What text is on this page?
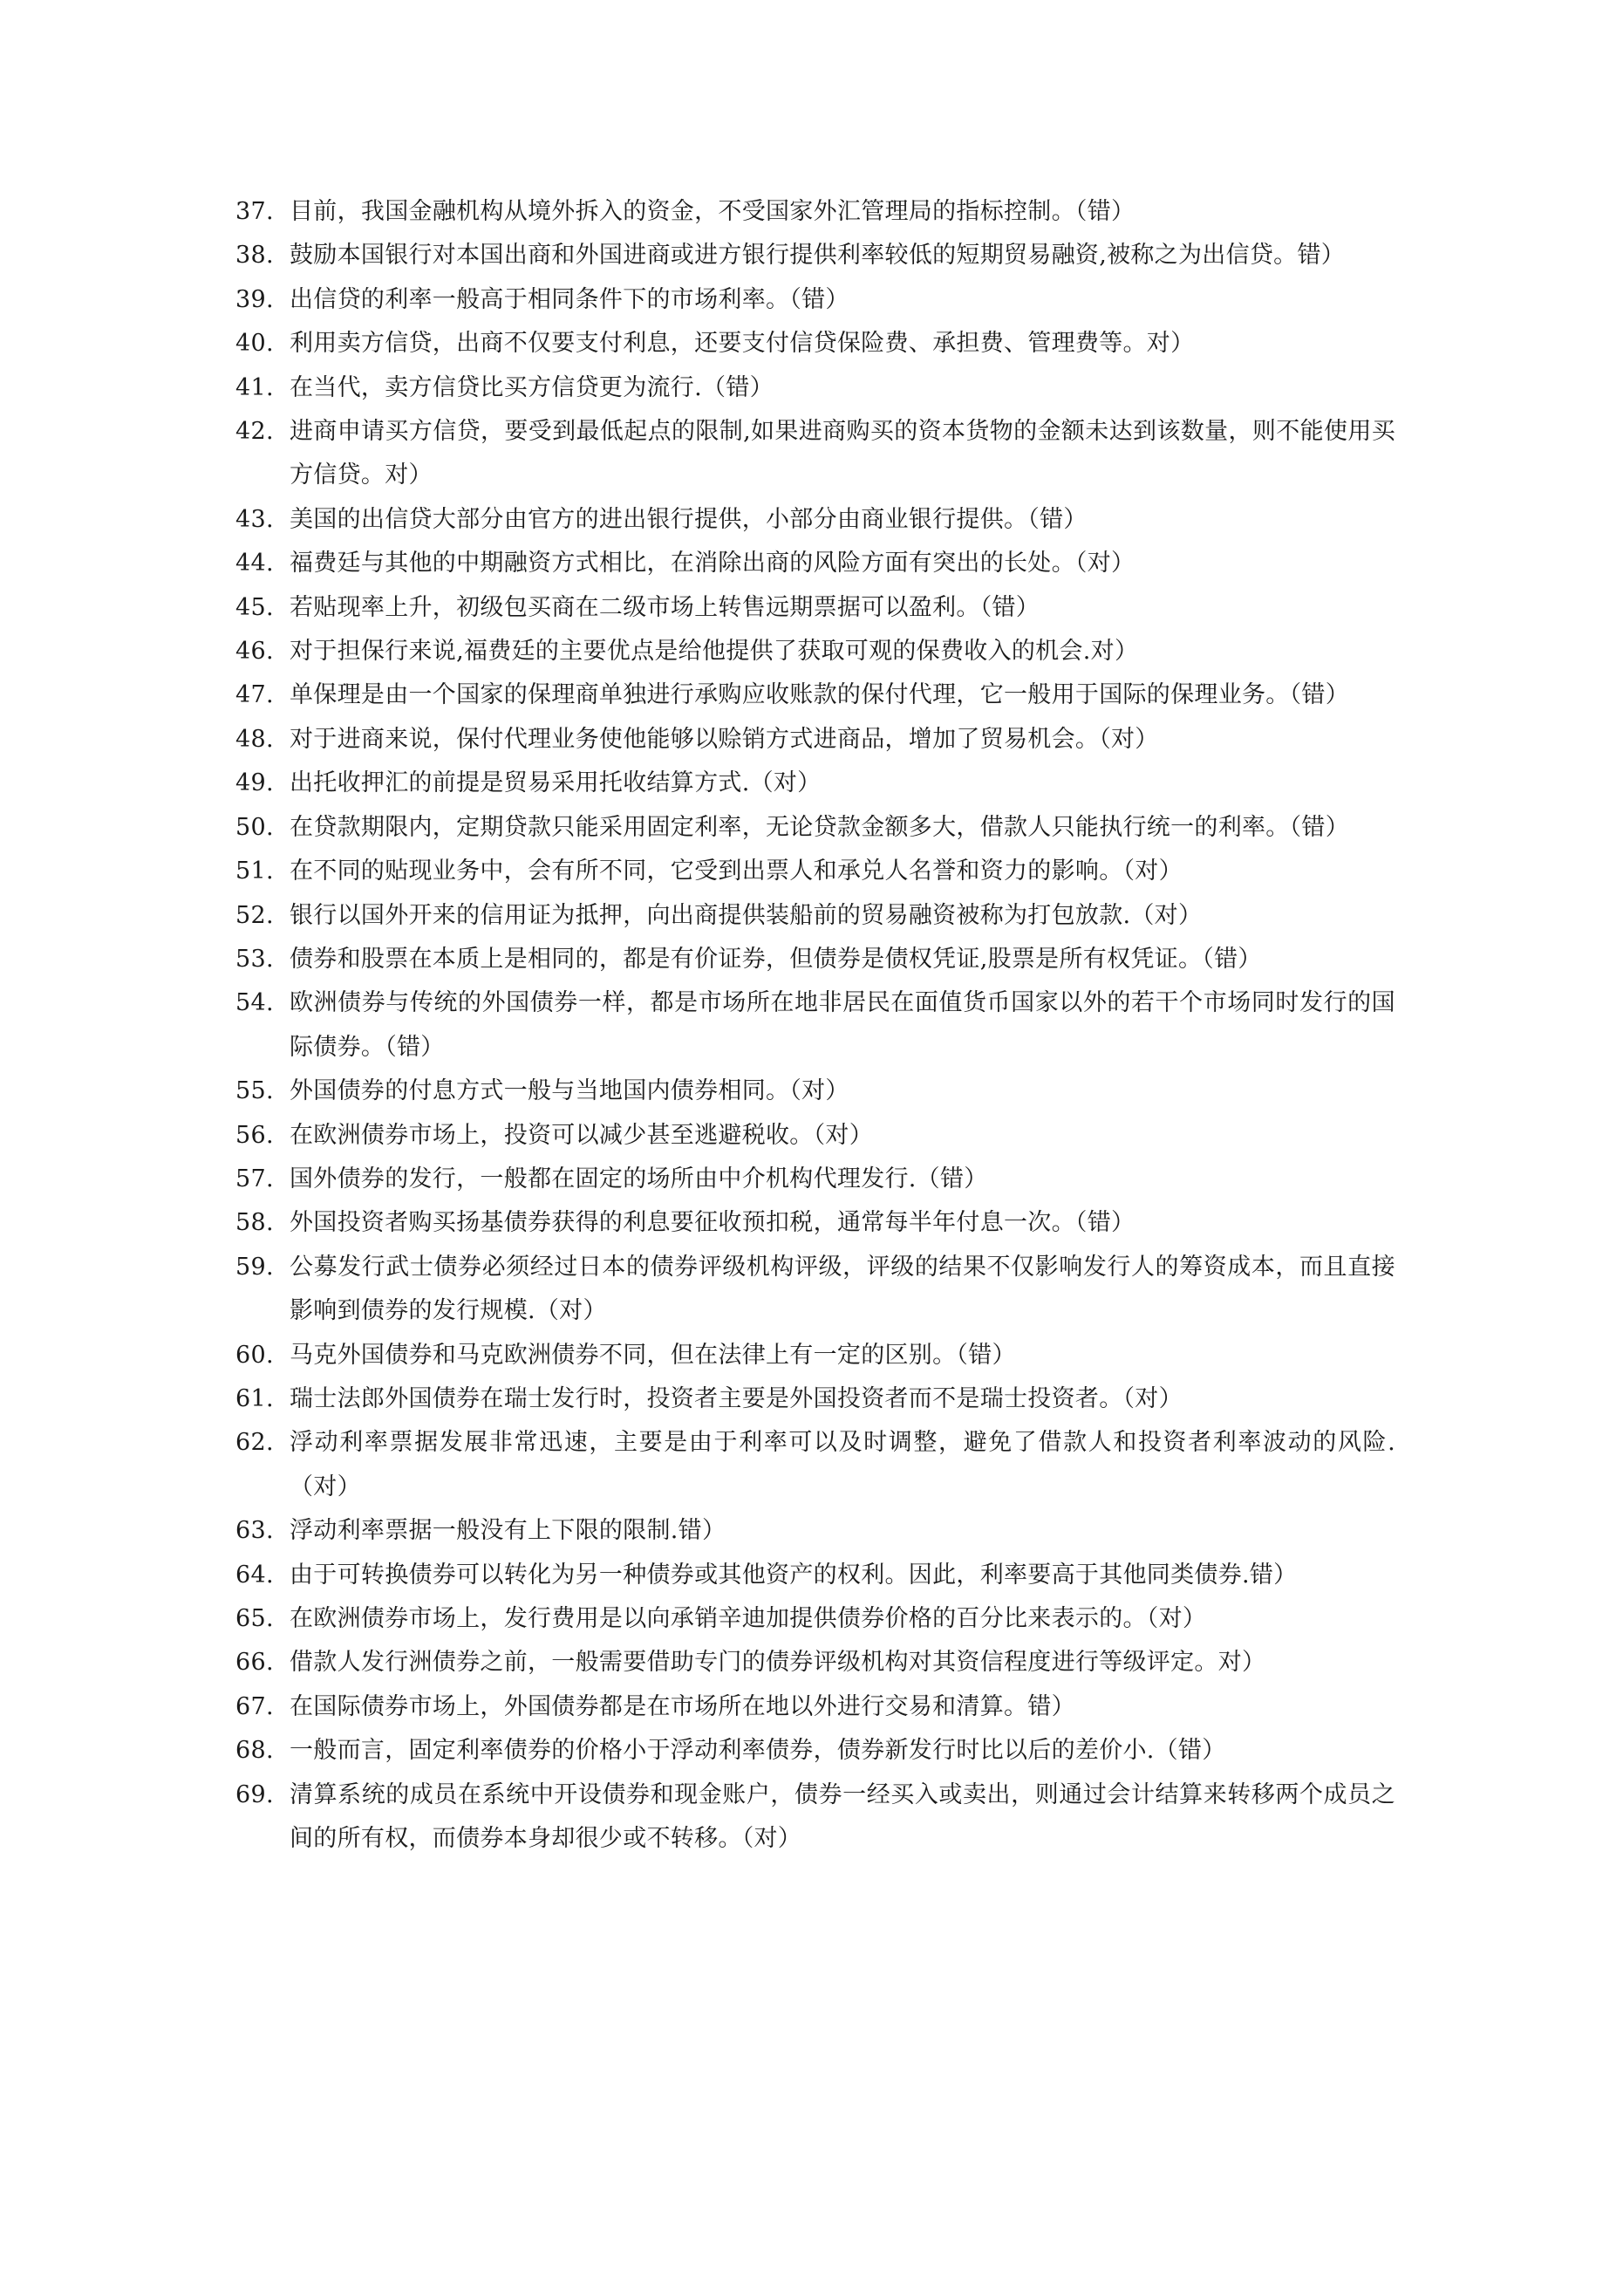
37. 目前，我国金融机构从境外拆入的资金，不受国家外汇管理局的指标控制。（错）
38. 鼓励本国银行对本国出商和外国进商或进方银行提供利率较低的短期贸易融资,被称之为出信贷。错）
39. 出信贷的利率一般高于相同条件下的市场利率。（错）
40. 利用卖方信贷，出商不仅要支付利息，还要支付信贷保险费、承担费、管理费等。对）
41. 在当代，卖方信贷比买方信贷更为流行.（错）
42. 进商申请买方信贷，要受到最低起点的限制,如果进商购买的资本货物的金额未达到该数量，则不能使用买方信贷。对）
43. 美国的出信贷大部分由官方的进出银行提供，小部分由商业银行提供。（错）
44. 福费廷与其他的中期融资方式相比，在消除出商的风险方面有突出的长处。（对）
45. 若贴现率上升，初级包买商在二级市场上转售远期票据可以盈利。（错）
46. 对于担保行来说,福费廷的主要优点是给他提供了获取可观的保费收入的机会.对）
47. 单保理是由一个国家的保理商单独进行承购应收账款的保付代理，它一般用于国际的保理业务。（错）
48. 对于进商来说，保付代理业务使他能够以赊销方式进商品，增加了贸易机会。（对）
49. 出托收押汇的前提是贸易采用托收结算方式.（对）
50. 在贷款期限内，定期贷款只能采用固定利率，无论贷款金额多大，借款人只能执行统一的利率。（错）
51. 在不同的贴现业务中，会有所不同，它受到出票人和承兑人名誉和资力的影响。（对）
52. 银行以国外开来的信用证为抵押，向出商提供装船前的贸易融资被称为打包放款.（对）
53. 债券和股票在本质上是相同的，都是有价证券，但债券是债权凭证,股票是所有权凭证。（错）
54. 欧洲债券与传统的外国债券一样，都是市场所在地非居民在面值货币国家以外的若干个市场同时发行的国际债券。（错）
55. 外国债券的付息方式一般与当地国内债券相同。（对）
56. 在欧洲债券市场上，投资可以减少甚至逃避税收。（对）
57. 国外债券的发行，一般都在固定的场所由中介机构代理发行.（错）
58. 外国投资者购买扬基债券获得的利息要征收预扣税，通常每半年付息一次。（错）
59. 公募发行武士债券必须经过日本的债券评级机构评级，评级的结果不仅影响发行人的筹资成本，而且直接影响到债券的发行规模.（对）
60. 马克外国债券和马克欧洲债券不同，但在法律上有一定的区别。（错）
61. 瑞士法郎外国债券在瑞士发行时，投资者主要是外国投资者而不是瑞士投资者。（对）
62. 浮动利率票据发展非常迅速，主要是由于利率可以及时调整，避免了借款人和投资者利率波动的风险.（对）
63. 浮动利率票据一般没有上下限的限制.错）
64. 由于可转换债券可以转化为另一种债券或其他资产的权利。因此，利率要高于其他同类债券.错）
65. 在欧洲债券市场上，发行费用是以向承销辛迪加提供债券价格的百分比来表示的。（对）
66. 借款人发行洲债券之前，一般需要借助专门的债券评级机构对其资信程度进行等级评定。对）
67. 在国际债券市场上，外国债券都是在市场所在地以外进行交易和清算。错）
68. 一般而言，固定利率债券的价格小于浮动利率债券，债券新发行时比以后的差价小.（错）
69. 清算系统的成员在系统中开设债券和现金账户，债券一经买入或卖出，则通过会计结算来转移两个成员之间的所有权，而债券本身却很少或不转移。（对）
